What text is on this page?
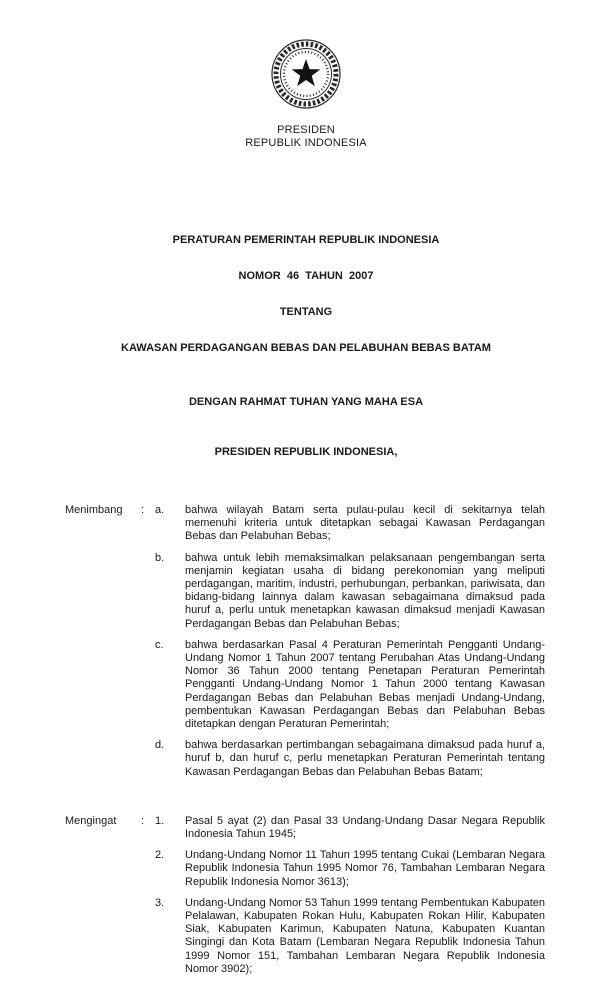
PRESIDEN
REPUBLIK INDONESIA

PERATURAN PEMERINTAH REPUBLIK INDONESIA

NOMOR  46  TAHUN  2007

TENTANG

KAWASAN PERDAGANGAN BEBAS DAN PELABUHAN BEBAS BATAM

DENGAN RAHMAT TUHAN YANG MAHA ESA

PRESIDEN REPUBLIK INDONESIA,

Menimbang	: a.	bahwa wilayah Batam serta pulau-pulau kecil di sekitarnya telah memenuhi kriteria untuk ditetapkan sebagai Kawasan Perdagangan Bebas dan Pelabuhan Bebas;
b.	bahwa untuk lebih memaksimalkan pelaksanaan pengembangan serta menjamin kegiatan usaha di bidang perekonomian yang meliputi perdagangan, maritim, industri, perhubungan, perbankan, pariwisata, dan bidang-bidang lainnya dalam kawasan sebagaimana dimaksud pada huruf a, perlu untuk menetapkan kawasan dimaksud menjadi Kawasan Perdagangan Bebas dan Pelabuhan Bebas;
c.	bahwa berdasarkan Pasal 4 Peraturan Pemerintah Pengganti Undang-Undang Nomor 1 Tahun 2007 tentang Perubahan Atas Undang-Undang Nomor 36 Tahun 2000 tentang Penetapan Peraturan Pemerintah Pengganti Undang-Undang Nomor 1 Tahun 2000 tentang Kawasan Perdagangan Bebas dan Pelabuhan Bebas menjadi Undang-Undang, pembentukan Kawasan Perdagangan Bebas dan Pelabuhan Bebas ditetapkan dengan Peraturan Pemerintah;
d.	bahwa berdasarkan pertimbangan sebagaimana dimaksud pada huruf a, huruf b, dan huruf c, perlu menetapkan Peraturan Pemerintah tentang Kawasan Perdagangan Bebas dan Pelabuhan Bebas Batam;
Mengingat	: 1.	Pasal 5 ayat (2) dan Pasal 33 Undang-Undang Dasar Negara Republik Indonesia Tahun 1945;
2.	Undang-Undang Nomor 11 Tahun 1995 tentang Cukai (Lembaran Negara Republik Indonesia Tahun 1995 Nomor 76, Tambahan Lembaran Negara Republik Indonesia Nomor 3613);
3.	Undang-Undang Nomor 53 Tahun 1999 tentang Pembentukan Kabupaten Pelalawan, Kabupaten Rokan Hulu, Kabupaten Rokan Hilir, Kabupaten Siak, Kabupaten Karimun, Kabupaten Natuna, Kabupaten Kuantan Singingi dan Kota Batam (Lembaran Negara Republik Indonesia Tahun 1999 Nomor 151, Tambahan Lembaran Negara Republik Indonesia Nomor 3902);
